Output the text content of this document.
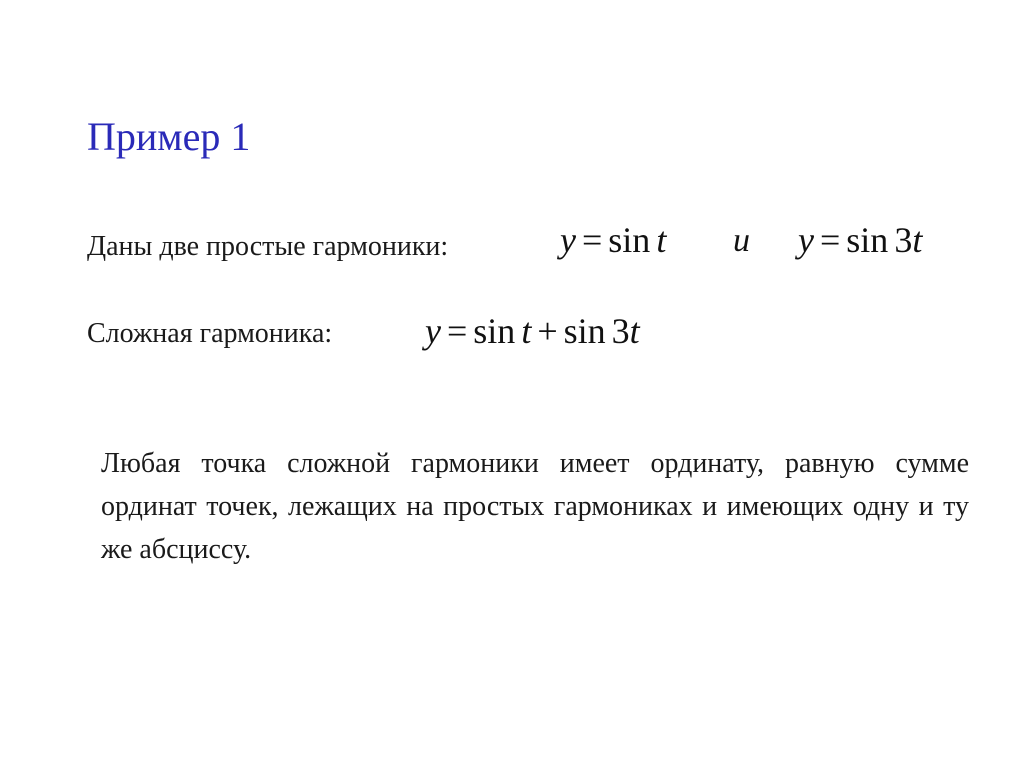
Пример 1
Даны две простые гармоники:	y = sin t и y = sin 3t
Сложная гармоника:	y = sin t + sin 3t
Любая точка сложной гармоники имеет ординату, равную сумме ординат точек, лежащих на простых гармониках и имеющих одну и ту же абсциссу.
